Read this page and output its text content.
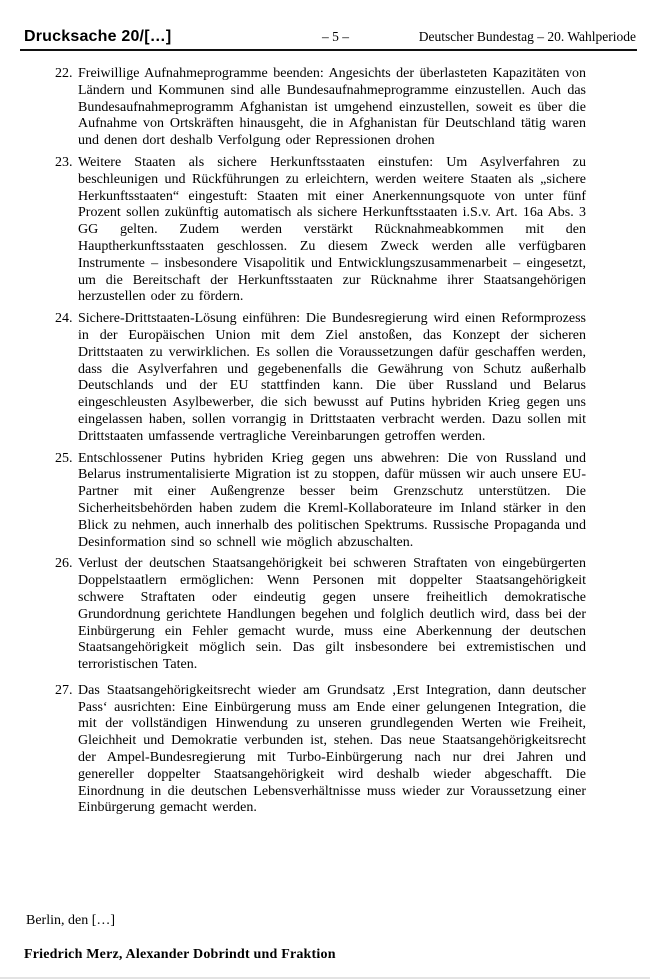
Drucksache 20/[…]	– 5 –	Deutscher Bundestag – 20. Wahlperiode
22. Freiwillige Aufnahmeprogramme beenden: Angesichts der überlasteten Kapazitäten von Ländern und Kommunen sind alle Bundesaufnahmeprogramme einzustellen. Auch das Bundesaufnahmeprogramm Afghanistan ist umgehend einzustellen, soweit es über die Aufnahme von Ortskräften hinausgeht, die in Afghanistan für Deutschland tätig waren und denen dort deshalb Verfolgung oder Repressionen drohen
23. Weitere Staaten als sichere Herkunftsstaaten einstufen: Um Asylverfahren zu beschleunigen und Rückführungen zu erleichtern, werden weitere Staaten als „sichere Herkunftsstaaten“ eingestuft: Staaten mit einer Anerkennungsquote von unter fünf Prozent sollen zukünftig automatisch als sichere Herkunftsstaaten i.S.v. Art. 16a Abs. 3 GG gelten. Zudem werden verstärkt Rücknahmeabkommen mit den Hauptherkunftsstaaten geschlossen. Zu diesem Zweck werden alle verfügbaren Instrumente – insbesondere Visapolitik und Entwicklungszusammenarbeit – eingesetzt, um die Bereitschaft der Herkunftsstaaten zur Rücknahme ihrer Staatsangehörigen herzustellen oder zu fördern.
24. Sichere-Drittstaaten-Lösung einführen: Die Bundesregierung wird einen Reformprozess in der Europäischen Union mit dem Ziel anstoßen, das Konzept der sicheren Drittstaaten zu verwirklichen. Es sollen die Voraussetzungen dafür geschaffen werden, dass die Asylverfahren und gegebenenfalls die Gewährung von Schutz außerhalb Deutschlands und der EU stattfinden kann. Die über Russland und Belarus eingeschleusten Asylbewerber, die sich bewusst auf Putins hybriden Krieg gegen uns eingelassen haben, sollen vorrangig in Drittstaaten verbracht werden. Dazu sollen mit Drittstaaten umfassende vertragliche Vereinbarungen getroffen werden.
25. Entschlossener Putins hybriden Krieg gegen uns abwehren: Die von Russland und Belarus instrumentalisierte Migration ist zu stoppen, dafür müssen wir auch unsere EU-Partner mit einer Außengrenze besser beim Grenzschutz unterstützen. Die Sicherheitsbehörden haben zudem die Kreml-Kollaborateure im Inland stärker in den Blick zu nehmen, auch innerhalb des politischen Spektrums. Russische Propaganda und Desinformation sind so schnell wie möglich abzuschalten.
26. Verlust der deutschen Staatsangehörigkeit bei schweren Straftaten von eingebürgerten Doppelstaatlern ermöglichen: Wenn Personen mit doppelter Staatsangehörigkeit schwere Straftaten oder eindeutig gegen unsere freiheitlich demokratische Grundordnung gerichtete Handlungen begehen und folglich deutlich wird, dass bei der Einbürgerung ein Fehler gemacht wurde, muss eine Aberkennung der deutschen Staatsangehörigkeit möglich sein. Das gilt insbesondere bei extremistischen und terroristischen Taten.
27. Das Staatsangehörigkeitsrecht wieder am Grundsatz ‚Erst Integration, dann deutscher Pass‘ ausrichten: Eine Einbürgerung muss am Ende einer gelungenen Integration, die mit der vollständigen Hinwendung zu unseren grundlegenden Werten wie Freiheit, Gleichheit und Demokratie verbunden ist, stehen. Das neue Staatsangehörigkeitsrecht der Ampel-Bundesregierung mit Turbo-Einbürgerung nach nur drei Jahren und genereller doppelter Staatsangehörigkeit wird deshalb wieder abgeschafft. Die Einordnung in die deutschen Lebensverhältnisse muss wieder zur Voraussetzung einer Einbürgerung gemacht werden.
Berlin, den […]
Friedrich Merz, Alexander Dobrindt und Fraktion
